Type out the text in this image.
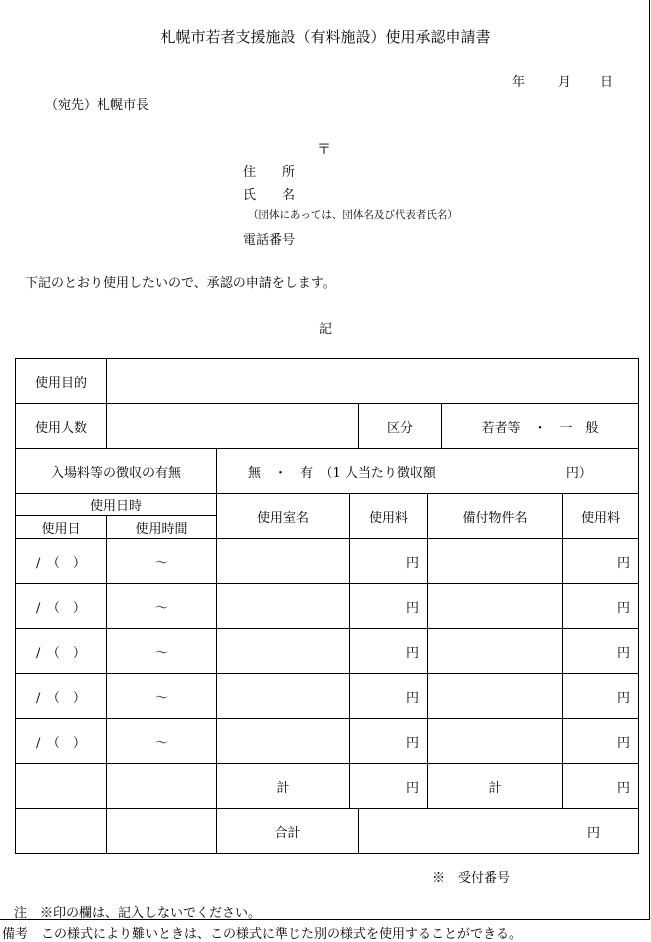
札幌市若者支援施設（有料施設）使用承認申請書
年	月 日
（宛先）札幌市長
〒
住　　所
氏　　名
（団体にあっては、団体名及び代表者氏名）
電話番号
下記のとおり使用したいので、承認の申請をします。
記
使用目的							
使用人数				区分		若者等　・　一　般	
入場料等の徴収の有無		無　・　有　（1 人当たり徴収額　　　　　　　　　　円）					
使用日時		使用室名	使用料		備付物件名		使用料
使用日	使用時間						
/　（　）	～		円				円
/　（　）	～		円				円
/　（　）	～		円				円
/　（　）	～		円				円
/　（　）	～		円				円
		計	円		計		円
		合計		円			
※　受付番号
注　※印の欄は、記入しないでください。
備考　この様式により難いときは、この様式に準じた別の様式を使用することができる。
